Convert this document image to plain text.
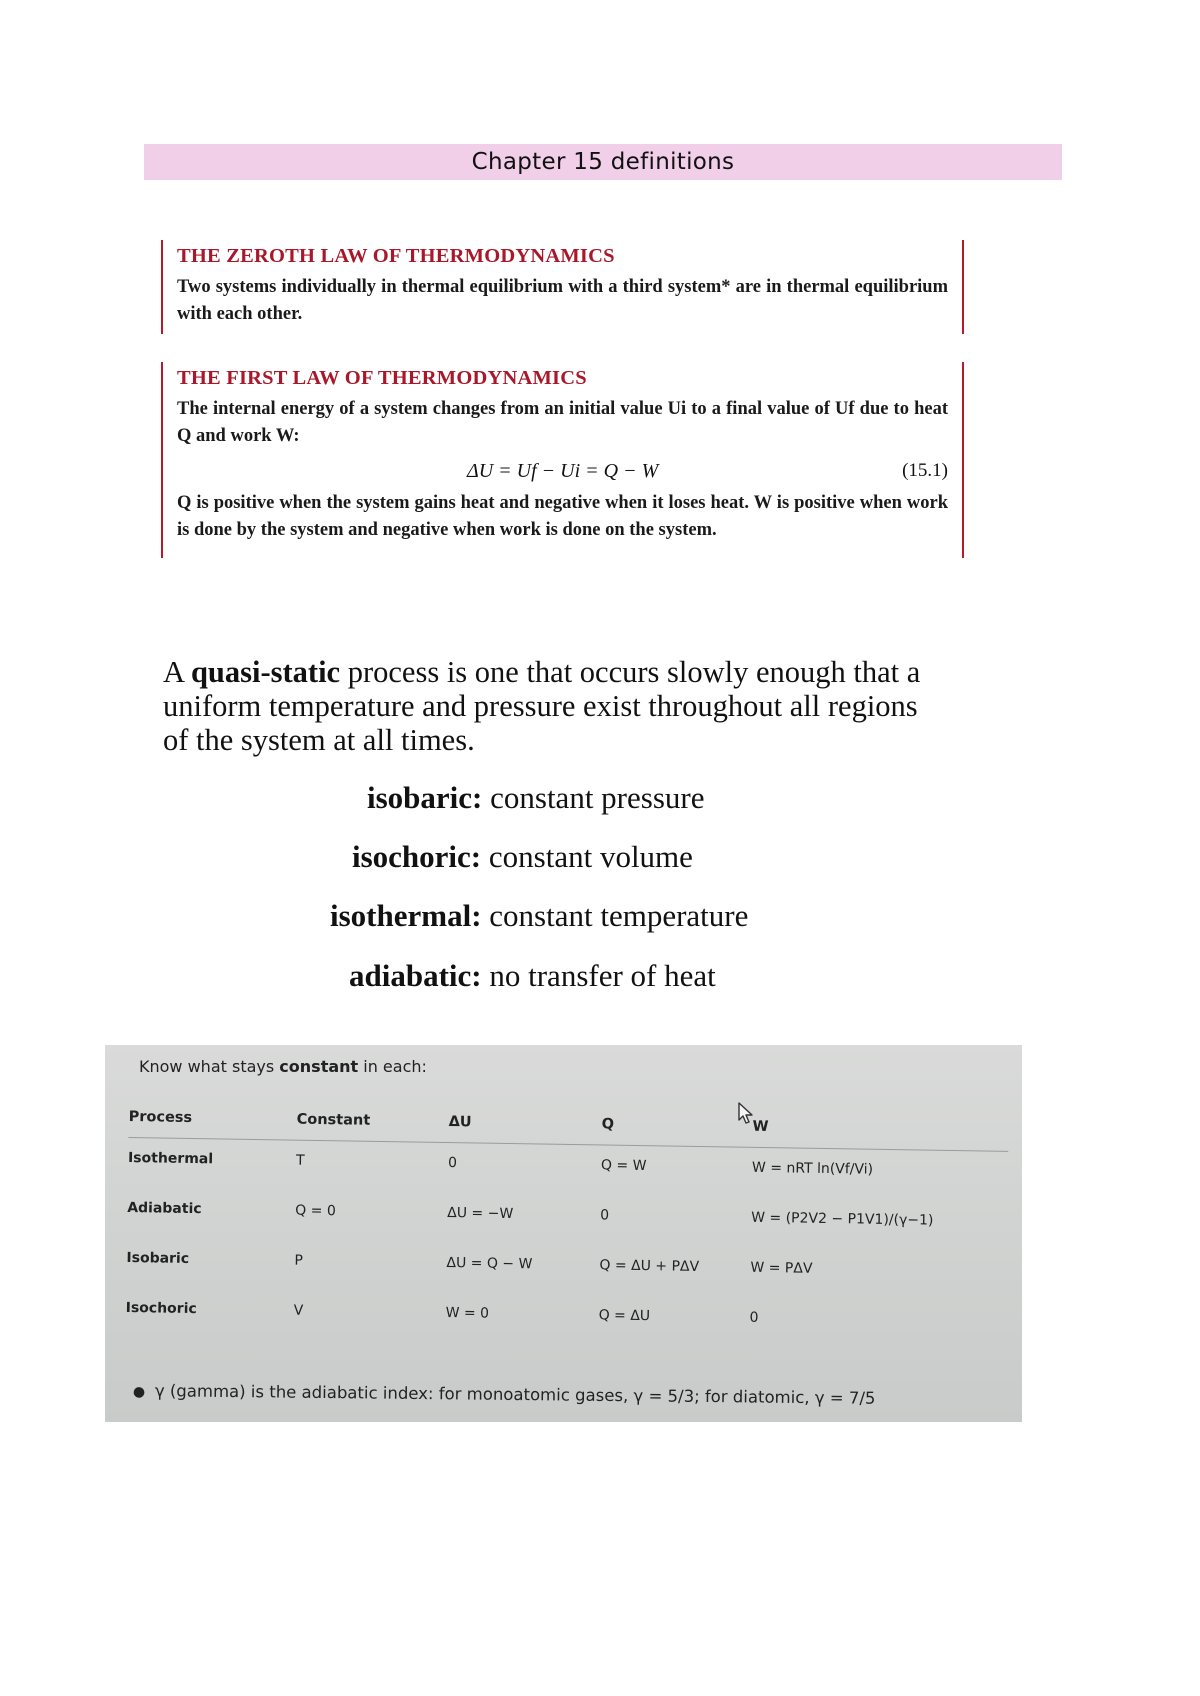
Chapter 15 definitions
THE ZEROTH LAW OF THERMODYNAMICS
Two systems individually in thermal equilibrium with a third system* are in thermal equilibrium with each other.
THE FIRST LAW OF THERMODYNAMICS
The internal energy of a system changes from an initial value Ui to a final value of Uf due to heat Q and work W:
ΔU = Uf − Ui = Q − W	(15.1)
Q is positive when the system gains heat and negative when it loses heat. W is positive when work is done by the system and negative when work is done on the system.
A quasi-static process is one that occurs slowly enough that a uniform temperature and pressure exist throughout all regions of the system at all times.
isobaric: constant pressure
isochoric: constant volume
isothermal: constant temperature
adiabatic: no transfer of heat
Know what stays constant in each:
Process	Constant	ΔU	Q	W
Isothermal	T	0	Q = W	W = nRT ln(Vf/Vi)
Adiabatic	Q = 0	ΔU = −W	0	W = (P2V2 − P1V1)/(γ−1)
Isobaric	P	ΔU = Q − W	Q = ΔU + PΔV	W = PΔV
Isochoric	V	W = 0	Q = ΔU	0
● γ (gamma) is the adiabatic index: for monoatomic gases, γ = 5/3; for diatomic, γ = 7/5
